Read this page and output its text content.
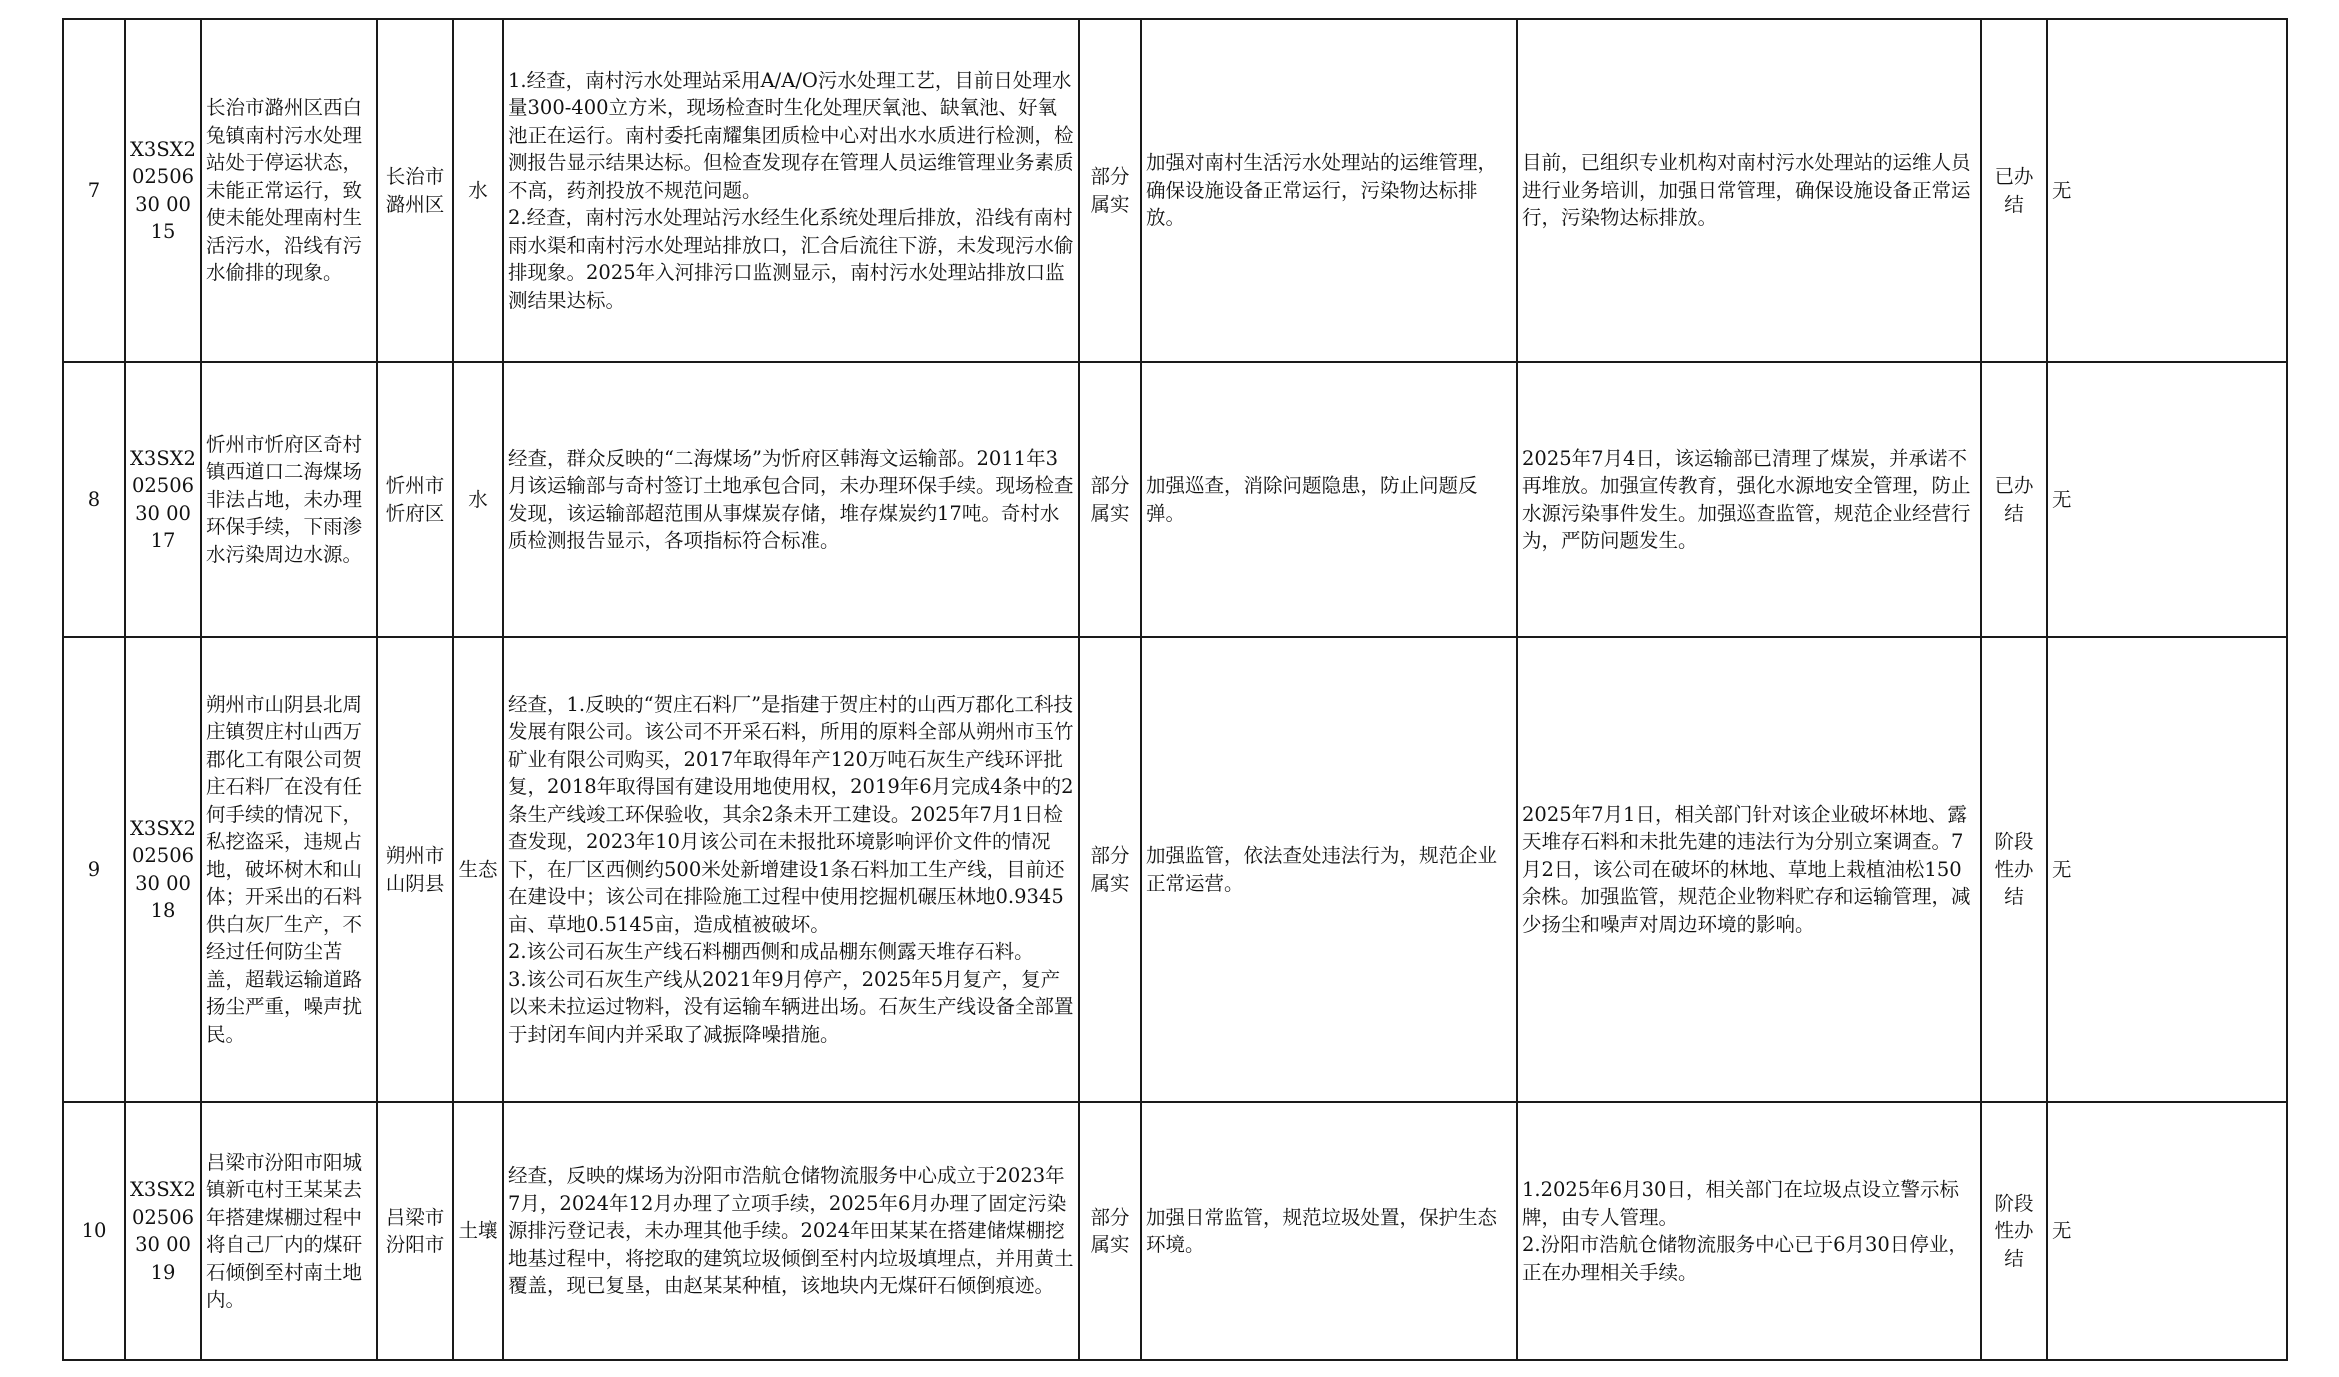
7	X3SX20250630 0015	长治市潞州区西白兔镇南村污水处理站处于停运状态，未能正常运行，致使未能处理南村生活污水，沿线有污水偷排的现象。	长治市潞州区	水	1.经查，南村污水处理站采用A/A/O污水处理工艺，目前日处理水量300-400立方米，现场检查时生化处理厌氧池、缺氧池、好氧池正在运行。南村委托南耀集团质检中心对出水水质进行检测，检测报告显示结果达标。但检查发现存在管理人员运维管理业务素质不高，药剂投放不规范问题。
2.经查，南村污水处理站污水经生化系统处理后排放，沿线有南村雨水渠和南村污水处理站排放口，汇合后流往下游，未发现污水偷排现象。2025年入河排污口监测显示，南村污水处理站排放口监测结果达标。	部分属实	加强对南村生活污水处理站的运维管理，确保设施设备正常运行，污染物达标排放。	目前，已组织专业机构对南村污水处理站的运维人员进行业务培训，加强日常管理，确保设施设备正常运行，污染物达标排放。	已办结	无
8	X3SX20250630 0017	忻州市忻府区奇村镇西道口二海煤场非法占地，未办理环保手续，下雨渗水污染周边水源。	忻州市忻府区	水	经查，群众反映的“二海煤场”为忻府区韩海文运输部。2011年3月该运输部与奇村签订土地承包合同，未办理环保手续。现场检查发现，该运输部超范围从事煤炭存储，堆存煤炭约17吨。奇村水质检测报告显示，各项指标符合标准。	部分属实	加强巡查，消除问题隐患，防止问题反弹。	2025年7月4日，该运输部已清理了煤炭，并承诺不再堆放。加强宣传教育，强化水源地安全管理，防止水源污染事件发生。加强巡查监管，规范企业经营行为，严防问题发生。	已办结	无
9	X3SX20250630 0018	朔州市山阴县北周庄镇贺庄村山西万郡化工有限公司贺庄石料厂在没有任何手续的情况下，私挖盗采，违规占地，破坏树木和山体；开采出的石料供白灰厂生产，不经过任何防尘苫盖，超载运输道路扬尘严重，噪声扰民。	朔州市山阴县	生态	经查，1.反映的“贺庄石料厂”是指建于贺庄村的山西万郡化工科技发展有限公司。该公司不开采石料，所用的原料全部从朔州市玉竹矿业有限公司购买，2017年取得年产120万吨石灰生产线环评批复，2018年取得国有建设用地使用权，2019年6月完成4条中的2条生产线竣工环保验收，其余2条未开工建设。2025年7月1日检查发现，2023年10月该公司在未报批环境影响评价文件的情况下，在厂区西侧约500米处新增建设1条石料加工生产线，目前还在建设中；该公司在排险施工过程中使用挖掘机碾压林地0.9345亩、草地0.5145亩，造成植被破坏。
2.该公司石灰生产线石料棚西侧和成品棚东侧露天堆存石料。
3.该公司石灰生产线从2021年9月停产，2025年5月复产，复产以来未拉运过物料，没有运输车辆进出场。石灰生产线设备全部置于封闭车间内并采取了减振降噪措施。	部分属实	加强监管，依法查处违法行为，规范企业正常运营。	2025年7月1日，相关部门针对该企业破坏林地、露天堆存石料和未批先建的违法行为分别立案调查。7月2日，该公司在破坏的林地、草地上栽植油松150余株。加强监管，规范企业物料贮存和运输管理，减少扬尘和噪声对周边环境的影响。	阶段性办结	无
10	X3SX20250630 0019	吕梁市汾阳市阳城镇新屯村王某某去年搭建煤棚过程中将自己厂内的煤矸石倾倒至村南土地内。	吕梁市汾阳市	土壤	经查，反映的煤场为汾阳市浩航仓储物流服务中心成立于2023年7月，2024年12月办理了立项手续，2025年6月办理了固定污染源排污登记表，未办理其他手续。2024年田某某在搭建储煤棚挖地基过程中，将挖取的建筑垃圾倾倒至村内垃圾填埋点，并用黄土覆盖，现已复垦，由赵某某种植，该地块内无煤矸石倾倒痕迹。	部分属实	加强日常监管，规范垃圾处置，保护生态环境。	1.2025年6月30日，相关部门在垃圾点设立警示标牌，由专人管理。
2.汾阳市浩航仓储物流服务中心已于6月30日停业，正在办理相关手续。	阶段性办结	无
